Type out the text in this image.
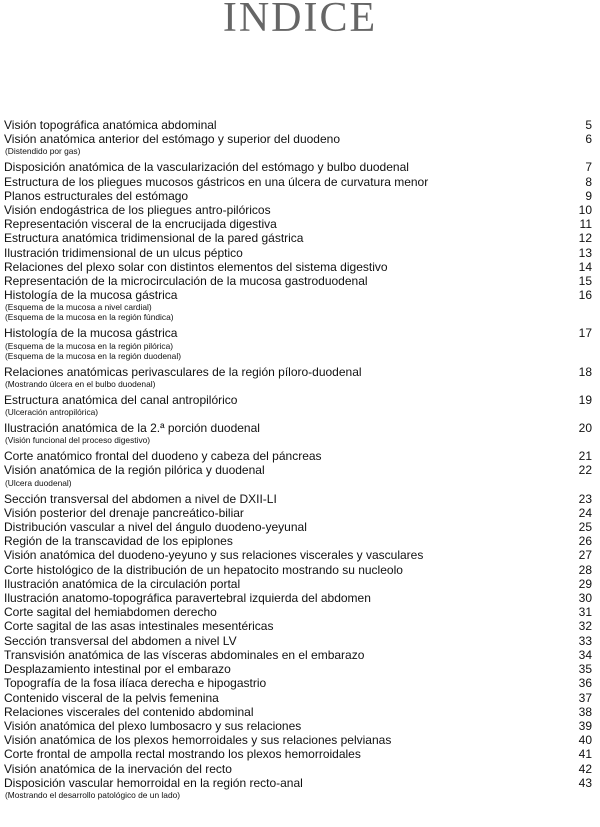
INDICE
Visión topográfica anatómica abdominal	5
Visión anatómica anterior del estómago y superior del duodeno	6
(Distendido por gas)
Disposición anatómica de la vascularización del estómago y bulbo duodenal	7
Estructura de los pliegues mucosos gástricos en una úlcera de curvatura menor	8
Planos estructurales del estómago	9
Visión endogástrica de los pliegues antro-pilóricos	10
Representación visceral de la encrucijada digestiva	11
Estructura anatómica tridimensional de la pared gástrica	12
Ilustración tridimensional de un ulcus péptico	13
Relaciones del plexo solar con distintos elementos del sistema digestivo	14
Representación de la microcirculación de la mucosa gastroduodenal	15
Histología de la mucosa gástrica	16
(Esquema de la mucosa a nivel cardial)
(Esquema de la mucosa en la región fúndica)
Histología de la mucosa gástrica	17
(Esquema de la mucosa en la región pilórica)
(Esquema de la mucosa en la región duodenal)
Relaciones anatómicas perivasculares de la región píloro-duodenal	18
(Mostrando úlcera en el bulbo duodenal)
Estructura anatómica del canal antropilórico	19
(Ulceración antropilórica)
Ilustración anatómica de la 2.ª porción duodenal	20
(Visión funcional del proceso digestivo)
Corte anatómico frontal del duodeno y cabeza del páncreas	21
Visión anatómica de la región pilórica y duodenal	22
(Ulcera duodenal)
Sección transversal del abdomen a nivel de DXII-LI	23
Visión posterior del drenaje pancreático-biliar	24
Distribución vascular a nivel del ángulo duodeno-yeyunal	25
Región de la transcavidad de los epiplones	26
Visión anatómica del duodeno-yeyuno y sus relaciones viscerales y vasculares	27
Corte histológico de la distribución de un hepatocito mostrando su nucleolo	28
Ilustración anatómica de la circulación portal	29
Ilustración anatomo-topográfica paravertebral izquierda del abdomen	30
Corte sagital del hemiabdomen derecho	31
Corte sagital de las asas intestinales mesentéricas	32
Sección transversal del abdomen a nivel LV	33
Transvisión anatómica de las vísceras abdominales en el embarazo	34
Desplazamiento intestinal por el embarazo	35
Topografía de la fosa ilíaca derecha e hipogastrio	36
Contenido visceral de la pelvis femenina	37
Relaciones viscerales del contenido abdominal	38
Visión anatómica del plexo lumbosacro y sus relaciones	39
Visión anatómica de los plexos hemorroidales y sus relaciones pelvianas	40
Corte frontal de ampolla rectal mostrando los plexos hemorroidales	41
Visión anatómica de la inervación del recto	42
Disposición vascular hemorroidal en la región recto-anal	43
(Mostrando el desarrollo patológico de un lado)
